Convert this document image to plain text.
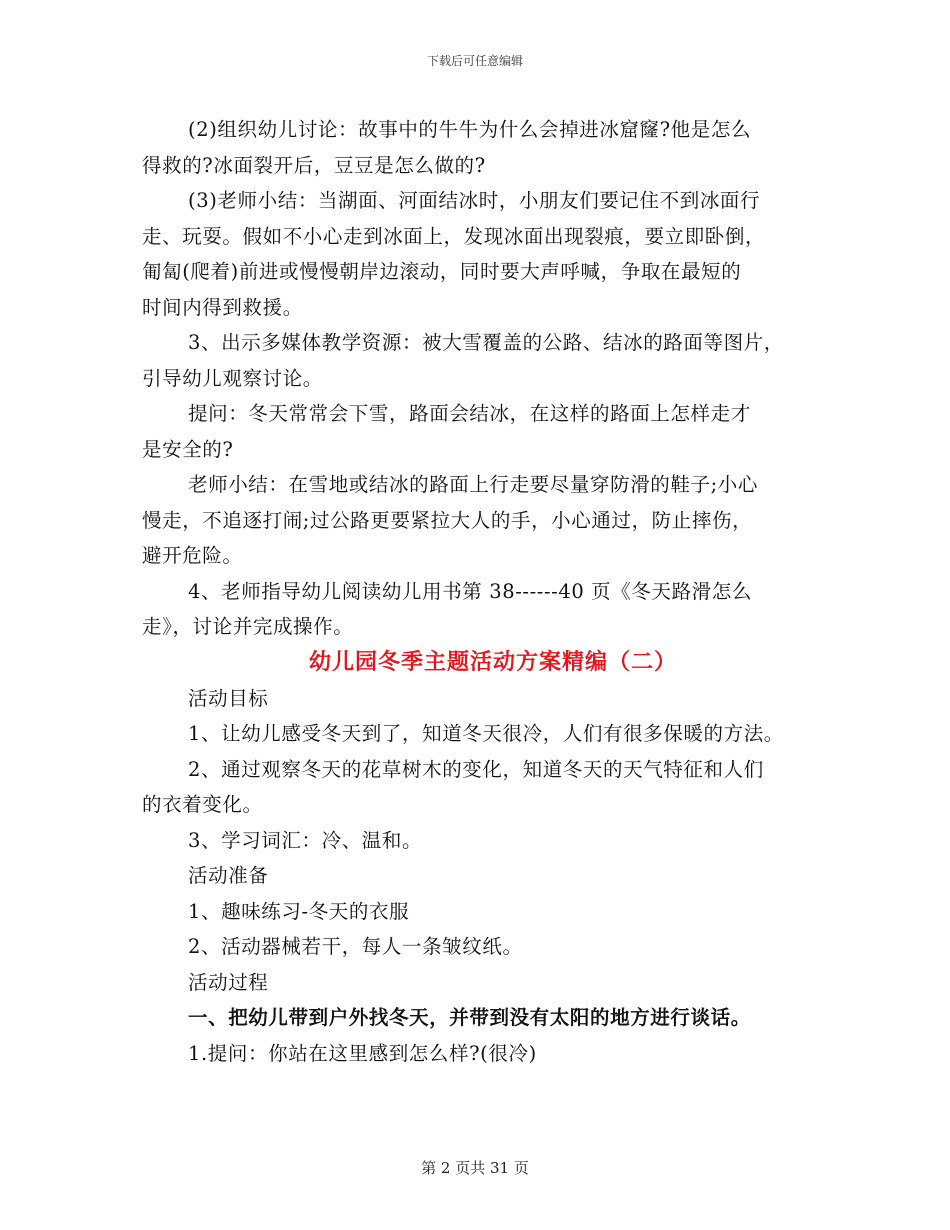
下载后可任意编辑
(2)组织幼儿讨论：故事中的牛牛为什么会掉进冰窟窿?他是怎么
得救的?冰面裂开后，豆豆是怎么做的?
(3)老师小结：当湖面、河面结冰时，小朋友们要记住不到冰面行
走、玩耍。假如不小心走到冰面上，发现冰面出现裂痕，要立即卧倒，
匍匐(爬着)前进或慢慢朝岸边滚动，同时要大声呼喊，争取在最短的
时间内得到救援。
3、出示多媒体教学资源：被大雪覆盖的公路、结冰的路面等图片，
引导幼儿观察讨论。
提问：冬天常常会下雪，路面会结冰，在这样的路面上怎样走才
是安全的?
老师小结：在雪地或结冰的路面上行走要尽量穿防滑的鞋子;小心
慢走，不追逐打闹;过公路更要紧拉大人的手，小心通过，防止摔伤，
避开危险。
4、老师指导幼儿阅读幼儿用书第 38------40 页《冬天路滑怎么
走》，讨论并完成操作。
幼儿园冬季主题活动方案精编（二）
活动目标
1、让幼儿感受冬天到了，知道冬天很冷，人们有很多保暖的方法。
2、通过观察冬天的花草树木的变化，知道冬天的天气特征和人们
的衣着变化。
3、学习词汇：冷、温和。
活动准备
1、趣味练习-冬天的衣服
2、活动器械若干，每人一条皱纹纸。
活动过程
一、把幼儿带到户外找冬天，并带到没有太阳的地方进行谈话。
1.提问：你站在这里感到怎么样?(很冷)
第 2 页共 31 页
